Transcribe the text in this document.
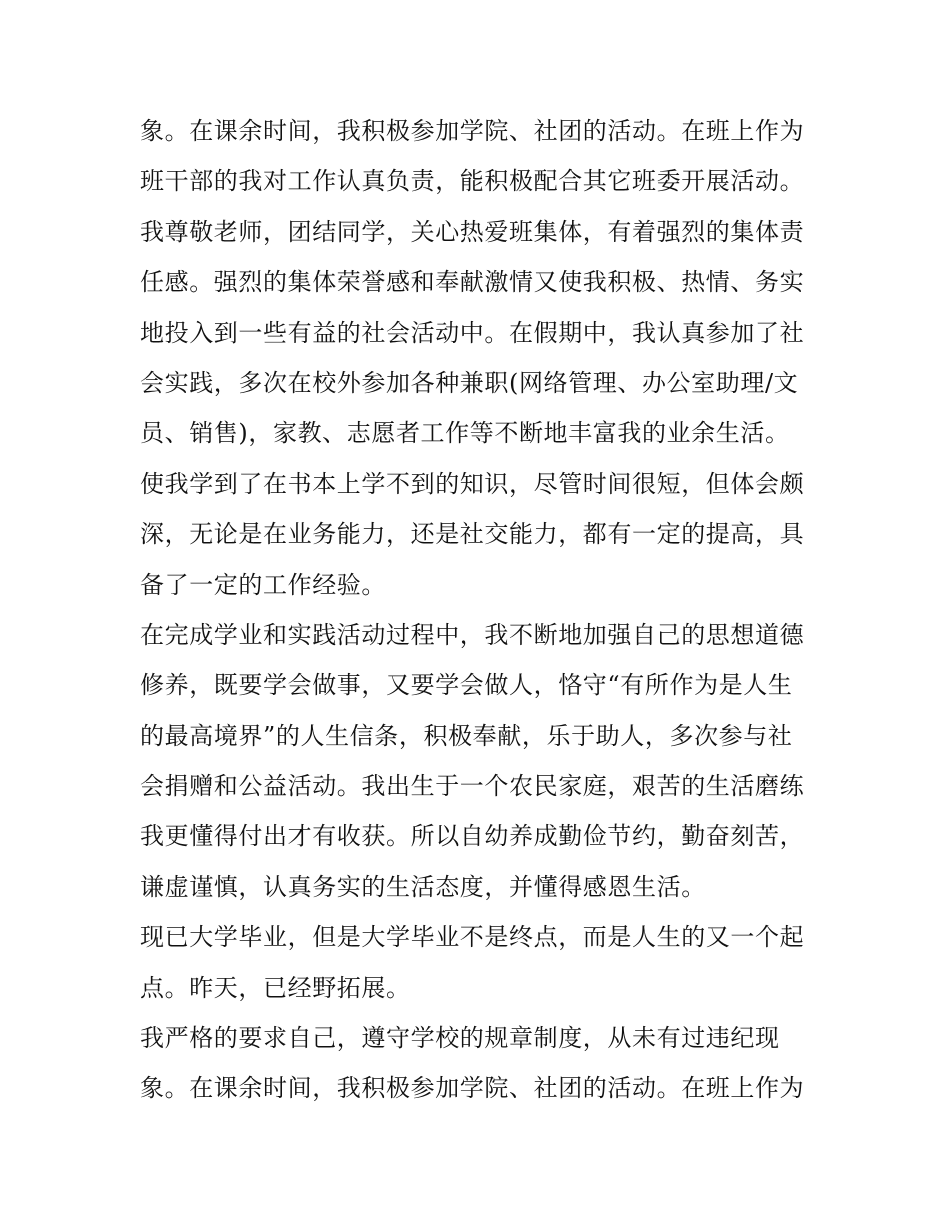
象。在课余时间，我积极参加学院、社团的活动。在班上作为
班干部的我对工作认真负责，能积极配合其它班委开展活动。
我尊敬老师，团结同学，关心热爱班集体，有着强烈的集体责
任感。强烈的集体荣誉感和奉献激情又使我积极、热情、务实
地投入到一些有益的社会活动中。在假期中，我认真参加了社
会实践，多次在校外参加各种兼职(网络管理、办公室助理/文
员、销售)，家教、志愿者工作等不断地丰富我的业余生活。
使我学到了在书本上学不到的知识，尽管时间很短，但体会颇
深，无论是在业务能力，还是社交能力，都有一定的提高，具
备了一定的工作经验。
在完成学业和实践活动过程中，我不断地加强自己的思想道德
修养，既要学会做事，又要学会做人，恪守“有所作为是人生
的最高境界”的人生信条，积极奉献，乐于助人，多次参与社
会捐赠和公益活动。我出生于一个农民家庭，艰苦的生活磨练
我更懂得付出才有收获。所以自幼养成勤俭节约，勤奋刻苦，
谦虚谨慎，认真务实的生活态度，并懂得感恩生活。
现已大学毕业，但是大学毕业不是终点，而是人生的又一个起
点。昨天，已经野拓展。
我严格的要求自己，遵守学校的规章制度，从未有过违纪现
象。在课余时间，我积极参加学院、社团的活动。在班上作为
